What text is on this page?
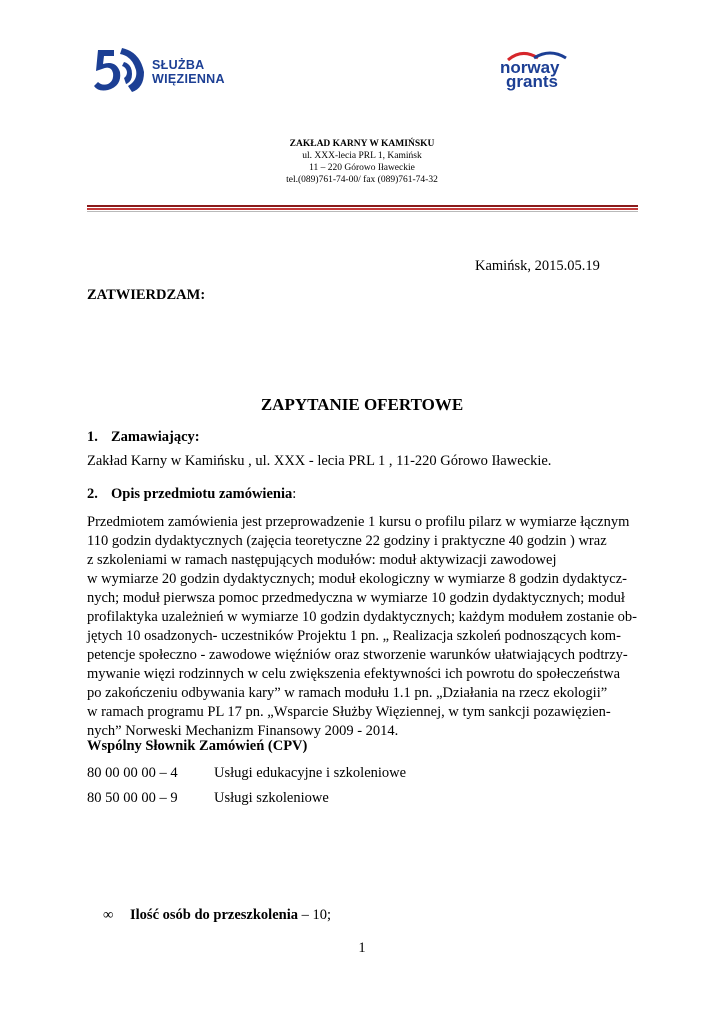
SŁUŻBA
WIĘZIENNA
norway
grants
ZAKŁAD KARNY W KAMIŃSKU
ul. XXX-lecia PRL 1, Kamińsk
11 – 220 Górowo Iławeckie
tel.(089)761-74-00/ fax (089)761-74-32
Kamińsk, 2015.05.19
ZATWIERDZAM:
ZAPYTANIE OFERTOWE
1. Zamawiający:
Zakład Karny w Kamińsku , ul. XXX - lecia PRL 1 , 11-220 Górowo Iławeckie.
2. Opis przedmiotu zamówienia:
Przedmiotem zamówienia jest przeprowadzenie 1 kursu o profilu pilarz w wymiarze łącznym
110 godzin dydaktycznych (zajęcia teoretyczne 22 godziny i praktyczne 40 godzin ) wraz
z szkoleniami w ramach następujących modułów: moduł aktywizacji zawodowej
w wymiarze 20 godzin dydaktycznych; moduł ekologiczny w wymiarze 8 godzin dydaktycz-
nych; moduł pierwsza pomoc przedmedyczna w wymiarze 10 godzin dydaktycznych; moduł
profilaktyka uzależnień w wymiarze 10 godzin dydaktycznych; każdym modułem zostanie ob-
jętych 10 osadzonych- uczestników Projektu 1 pn. „ Realizacja szkoleń podnoszących kom-
petencje społeczno - zawodowe więźniów oraz stworzenie warunków ułatwiających podtrzy-
mywanie więzi rodzinnych w celu zwiększenia efektywności ich powrotu do społeczeństwa
po zakończeniu odbywania kary” w ramach modułu 1.1 pn. „Działania na rzecz ekologii”
w ramach programu PL 17 pn. „Wsparcie Służby Więziennej, w tym sankcji pozawięzien-
nych” Norweski Mechanizm Finansowy 2009 - 2014.
Wspólny Słownik Zamówień (CPV)
80 00 00 00 – 4	Usługi edukacyjne i szkoleniowe
80 50 00 00 – 9	Usługi szkoleniowe
∞ Ilość osób do przeszkolenia – 10;
1
